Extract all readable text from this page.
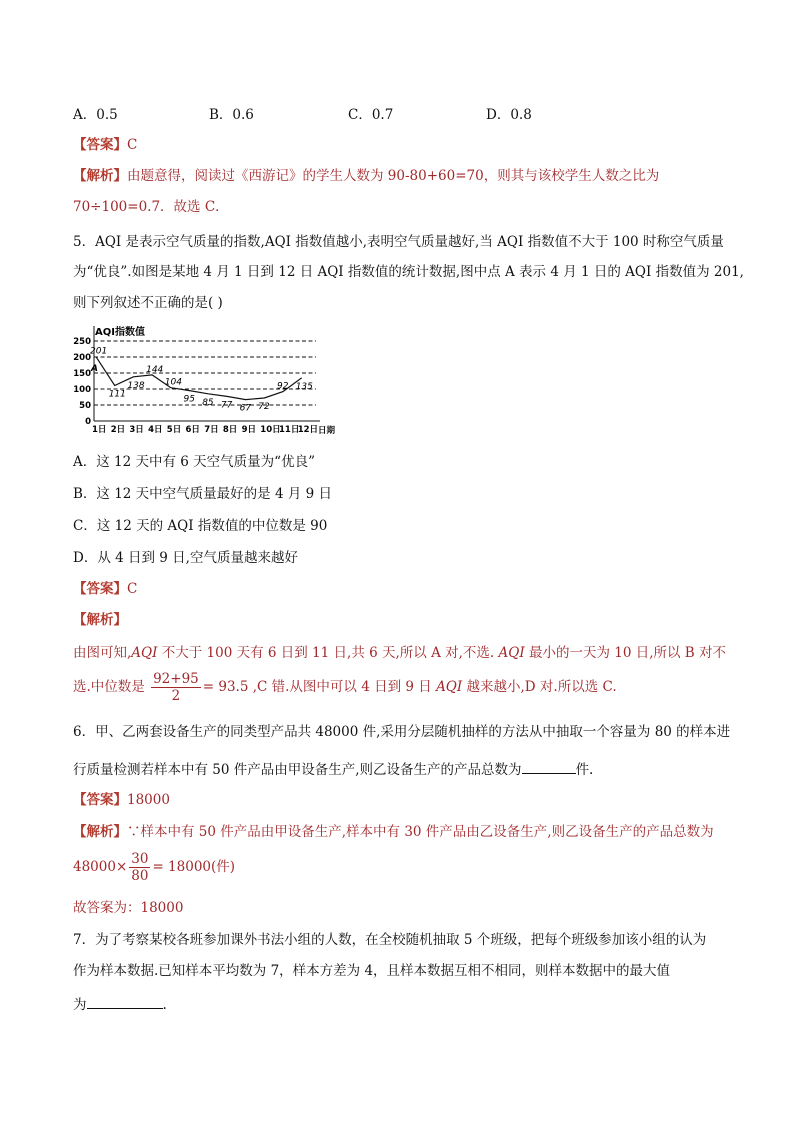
A．0.5	B．0.6	C．0.7	D．0.8
【答案】C
【解析】由题意得，阅读过《西游记》的学生人数为 90-80+60=70，则其与该校学生人数之比为
70÷100=0.7．故选 C．
5．AQI 是表示空气质量的指数,AQI 指数值越小,表明空气质量越好,当 AQI 指数值不大于 100 时称空气质量
为“优良”.如图是某地 4 月 1 日到 12 日 AQI 指数值的统计数据,图中点 A 表示 4 月 1 日的 AQI 指数值为 201,
则下列叙述不正确的是( )
AQI指数值
日期
0
50
100
150
200
250
1日 2日 3日 4日 5日 6日 7日 8日 9日 10日
11日
12日
201
111
138
144
104
95 85 77 67 72
92 135
A
A．这 12 天中有 6 天空气质量为“优良”
B．这 12 天中空气质量最好的是 4 月 9 日
C．这 12 天的 AQI 指数值的中位数是 90
D．从 4 日到 9 日,空气质量越来越好
【答案】C
【解析】
由图可知,AQI 不大于 100 天有 6 日到 11 日,共 6 天,所以 A 对,不选. AQI 最小的一天为 10 日,所以 B 对不
选.中位数是 $\frac{92+95}{2} = 93.5$ ,C 错.从图中可以 4 日到 9 日 AQI 越来越小,D 对.所以选 C.
6．甲、乙两套设备生产的同类型产品共 48000 件,采用分层随机抽样的方法从中抽取一个容量为 80 的样本进
行质量检测若样本中有 50 件产品由甲设备生产,则乙设备生产的产品总数为	件.
【答案】18000
【解析】∵样本中有 50 件产品由甲设备生产,样本中有 30 件产品由乙设备生产,则乙设备生产的产品总数为
$48000\times \frac{30}{80} = 18000$(件)
故答案为：18000
7．为了考察某校各班参加课外书法小组的人数，在全校随机抽取 5 个班级，把每个班级参加该小组的认为
作为样本数据.已知样本平均数为 7，样本方差为 4，且样本数据互相不相同，则样本数据中的最大值
为	.
